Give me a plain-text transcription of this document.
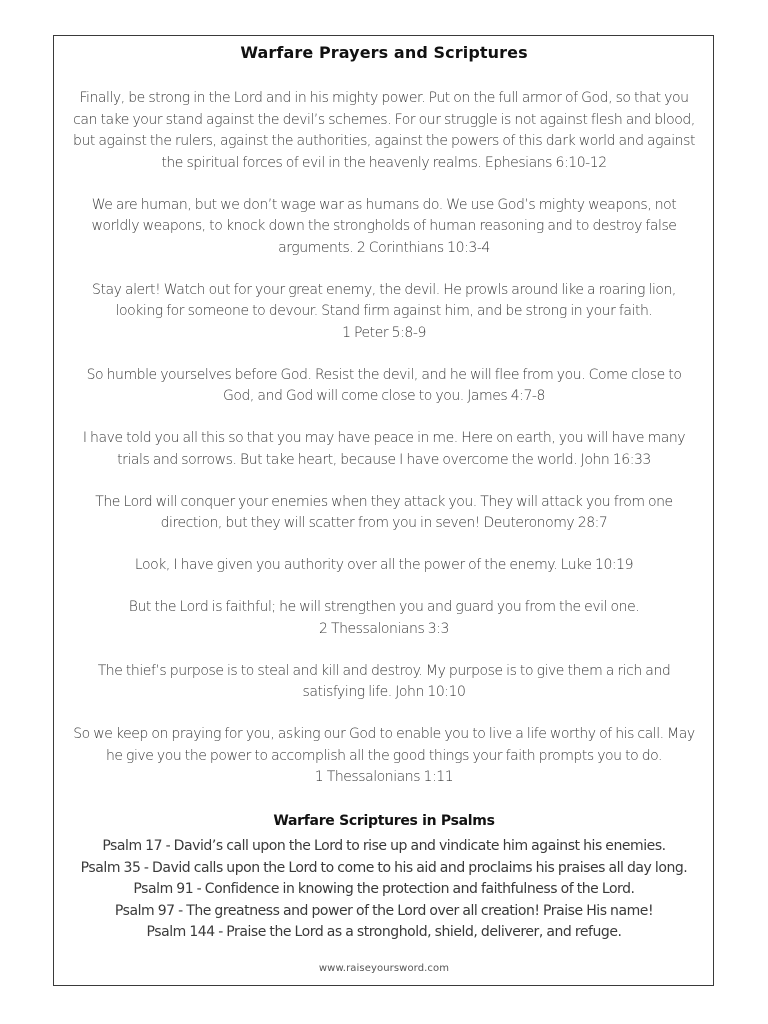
Warfare Prayers and Scriptures

Finally, be strong in the Lord and in his mighty power. Put on the full armor of God, so that you
can take your stand against the devil’s schemes. For our struggle is not against flesh and blood,
but against the rulers, against the authorities, against the powers of this dark world and against
the spiritual forces of evil in the heavenly realms. Ephesians 6:10-12

We are human, but we don’t wage war as humans do. We use God’s mighty weapons, not
worldly weapons, to knock down the strongholds of human reasoning and to destroy false
arguments. 2 Corinthians 10:3-4

Stay alert! Watch out for your great enemy, the devil. He prowls around like a roaring lion,
looking for someone to devour. Stand firm against him, and be strong in your faith.
1 Peter 5:8-9

So humble yourselves before God. Resist the devil, and he will flee from you. Come close to
God, and God will come close to you. James 4:7-8

I have told you all this so that you may have peace in me. Here on earth, you will have many
trials and sorrows. But take heart, because I have overcome the world. John 16:33

The Lord will conquer your enemies when they attack you. They will attack you from one
direction, but they will scatter from you in seven! Deuteronomy 28:7

Look, I have given you authority over all the power of the enemy. Luke 10:19

But the Lord is faithful; he will strengthen you and guard you from the evil one.
2 Thessalonians 3:3

The thief’s purpose is to steal and kill and destroy. My purpose is to give them a rich and
satisfying life. John 10:10

So we keep on praying for you, asking our God to enable you to live a life worthy of his call. May
he give you the power to accomplish all the good things your faith prompts you to do.
1 Thessalonians 1:11

Warfare Scriptures in Psalms
Psalm 17 - David’s call upon the Lord to rise up and vindicate him against his enemies.
Psalm 35 - David calls upon the Lord to come to his aid and proclaims his praises all day long.
Psalm 91 - Confidence in knowing the protection and faithfulness of the Lord.
Psalm 97 - The greatness and power of the Lord over all creation! Praise His name!
Psalm 144 - Praise the Lord as a stronghold, shield, deliverer, and refuge.
www.raiseyoursword.com
